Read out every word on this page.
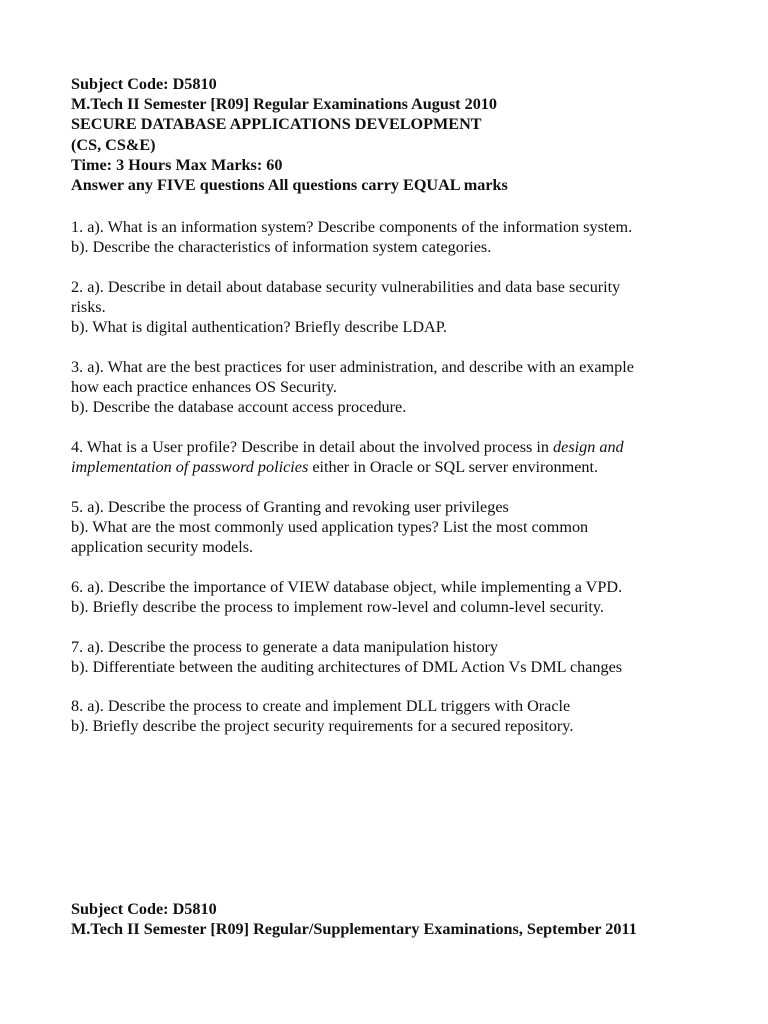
Subject Code: D5810
M.Tech II Semester [R09] Regular Examinations August 2010
SECURE DATABASE APPLICATIONS DEVELOPMENT
(CS, CS&E)
Time: 3 Hours Max Marks: 60
Answer any FIVE questions All questions carry EQUAL marks
1. a). What is an information system? Describe components of the information system.
b). Describe the characteristics of information system categories.
2. a). Describe in detail about database security vulnerabilities and data base security
risks.
b). What is digital authentication? Briefly describe LDAP.
3. a). What are the best practices for user administration, and describe with an example
how each practice enhances OS Security.
b). Describe the database account access procedure.
4. What is a User profile? Describe in detail about the involved process in design and
implementation of password policies either in Oracle or SQL server environment.
5. a). Describe the process of Granting and revoking user privileges
b). What are the most commonly used application types? List the most common
application security models.
6. a). Describe the importance of VIEW database object, while implementing a VPD.
b). Briefly describe the process to implement row-level and column-level security.
7. a). Describe the process to generate a data manipulation history
b). Differentiate between the auditing architectures of DML Action Vs DML changes
8. a). Describe the process to create and implement DLL triggers with Oracle
b). Briefly describe the project security requirements for a secured repository.
Subject Code: D5810
M.Tech II Semester [R09] Regular/Supplementary Examinations, September 2011
